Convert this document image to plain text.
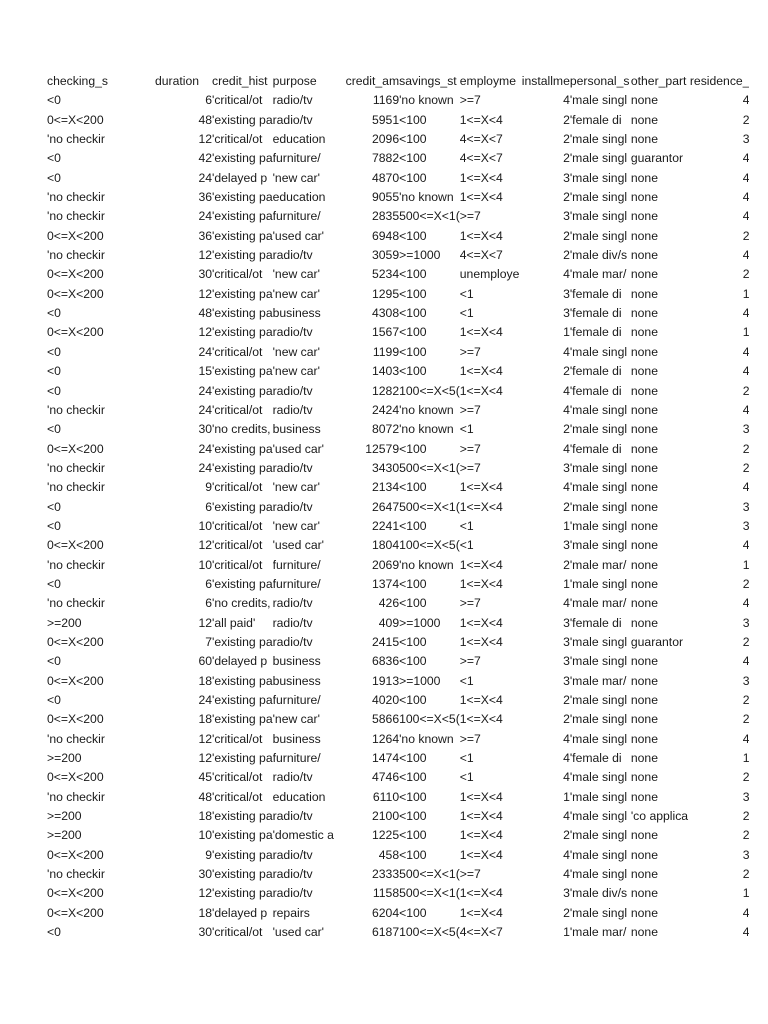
checking_s	duration	credit_hist	purpose	credit_am	savings_st	employme	installme	personal_s	other_part	residence_
<0	6	'critical/ot	radio/tv	1169	'no known	>=7	4	'male singl	none	4
0<=X<200	48	'existing pa	radio/tv	5951	<100	1<=X<4	2	'female di	none	2
'no checkir	12	'critical/ot	education	2096	<100	4<=X<7	2	'male singl	none	3
<0	42	'existing pa	furniture/	7882	<100	4<=X<7	2	'male singl	guarantor	4
<0	24	'delayed p	'new car'	4870	<100	1<=X<4	3	'male singl	none	4
'no checkir	36	'existing pa	education	9055	'no known	1<=X<4	2	'male singl	none	4
'no checkir	24	'existing pa	furniture/	2835	500<=X<1(	>=7	3	'male singl	none	4
0<=X<200	36	'existing pa	'used car'	6948	<100	1<=X<4	2	'male singl	none	2
'no checkir	12	'existing pa	radio/tv	3059	>=1000	4<=X<7	2	'male div/s	none	4
0<=X<200	30	'critical/ot	'new car'	5234	<100	unemploye	4	'male mar/	none	2
0<=X<200	12	'existing pa	'new car'	1295	<100	<1	3	'female di	none	1
<0	48	'existing pa	business	4308	<100	<1	3	'female di	none	4
0<=X<200	12	'existing pa	radio/tv	1567	<100	1<=X<4	1	'female di	none	1
<0	24	'critical/ot	'new car'	1199	<100	>=7	4	'male singl	none	4
<0	15	'existing pa	'new car'	1403	<100	1<=X<4	2	'female di	none	4
<0	24	'existing pa	radio/tv	1282	100<=X<5(	1<=X<4	4	'female di	none	2
'no checkir	24	'critical/ot	radio/tv	2424	'no known	>=7	4	'male singl	none	4
<0	30	'no credits,	business	8072	'no known	<1	2	'male singl	none	3
0<=X<200	24	'existing pa	'used car'	12579	<100	>=7	4	'female di	none	2
'no checkir	24	'existing pa	radio/tv	3430	500<=X<1(	>=7	3	'male singl	none	2
'no checkir	9	'critical/ot	'new car'	2134	<100	1<=X<4	4	'male singl	none	4
<0	6	'existing pa	radio/tv	2647	500<=X<1(	1<=X<4	2	'male singl	none	3
<0	10	'critical/ot	'new car'	2241	<100	<1	1	'male singl	none	3
0<=X<200	12	'critical/ot	'used car'	1804	100<=X<5(	<1	3	'male singl	none	4
'no checkir	10	'critical/ot	furniture/	2069	'no known	1<=X<4	2	'male mar/	none	1
<0	6	'existing pa	furniture/	1374	<100	1<=X<4	1	'male singl	none	2
'no checkir	6	'no credits,	radio/tv	426	<100	>=7	4	'male mar/	none	4
>=200	12	'all paid'	radio/tv	409	>=1000	1<=X<4	3	'female di	none	3
0<=X<200	7	'existing pa	radio/tv	2415	<100	1<=X<4	3	'male singl	guarantor	2
<0	60	'delayed p	business	6836	<100	>=7	3	'male singl	none	4
0<=X<200	18	'existing pa	business	1913	>=1000	<1	3	'male mar/	none	3
<0	24	'existing pa	furniture/	4020	<100	1<=X<4	2	'male singl	none	2
0<=X<200	18	'existing pa	'new car'	5866	100<=X<5(	1<=X<4	2	'male singl	none	2
'no checkir	12	'critical/ot	business	1264	'no known	>=7	4	'male singl	none	4
>=200	12	'existing pa	furniture/	1474	<100	<1	4	'female di	none	1
0<=X<200	45	'critical/ot	radio/tv	4746	<100	<1	4	'male singl	none	2
'no checkir	48	'critical/ot	education	6110	<100	1<=X<4	1	'male singl	none	3
>=200	18	'existing pa	radio/tv	2100	<100	1<=X<4	4	'male singl	'co applica	2
>=200	10	'existing pa	'domestic a	1225	<100	1<=X<4	2	'male singl	none	2
0<=X<200	9	'existing pa	radio/tv	458	<100	1<=X<4	4	'male singl	none	3
'no checkir	30	'existing pa	radio/tv	2333	500<=X<1(	>=7	4	'male singl	none	2
0<=X<200	12	'existing pa	radio/tv	1158	500<=X<1(	1<=X<4	3	'male div/s	none	1
0<=X<200	18	'delayed p	repairs	6204	<100	1<=X<4	2	'male singl	none	4
<0	30	'critical/ot	'used car'	6187	100<=X<5(	4<=X<7	1	'male mar/	none	4
